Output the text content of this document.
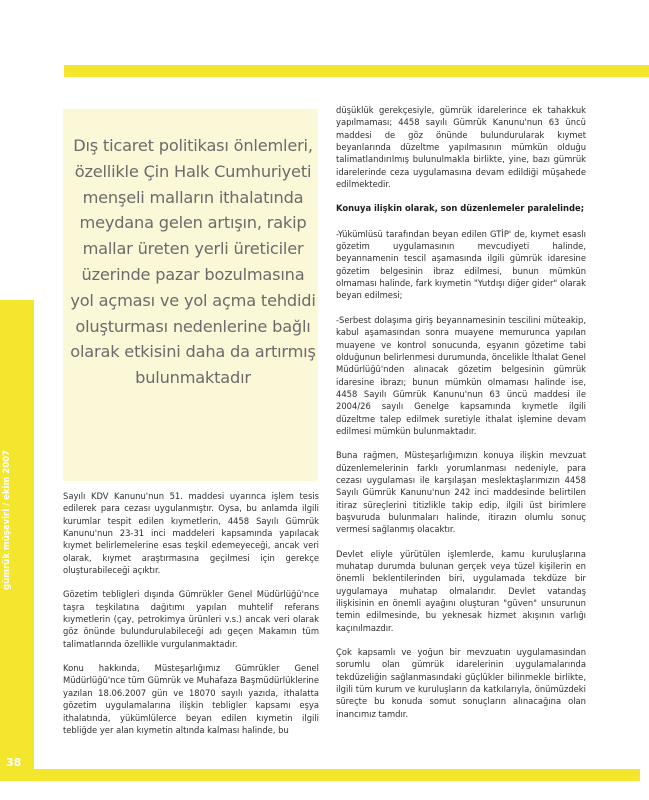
gümrük müşaviri / ekim 2007
38
Dış ticaret politikası önlemleri, özellikle Çin Halk Cumhuriyeti menşeli malların ithalatında meydana gelen artışın, rakip mallar üreten yerli üreticiler üzerinde pazar bozulmasına yol açması ve yol açma tehdidi oluşturması nedenlerine bağlı olarak etkisini daha da artırmış bulunmaktadır

Sayılı KDV Kanunu'nun 51. maddesi uyarınca işlem tesis edilerek para cezası uygulanmıştır. Oysa, bu anlamda ilgili kurumlar tespit edilen kıymetlerin, 4458 Sayılı Gümrük Kanunu'nun 23-31 inci maddeleri kapsamında yapılacak kıymet belirlemelerine esas teşkil edemeyeceği, ancak veri olarak, kıymet araştırmasına geçilmesi için gerekçe oluşturabileceği açıktır.

Gözetim tebligleri dışında Gümrükler Genel Müdürlüğü'nce taşra teşkilatına dağıtımı yapılan muhtelif referans kıymetlerin (çay, petrokimya ürünleri v.s.) ancak veri olarak göz önünde bulundurulabileceği adı geçen Makamın tüm talimatlarında özellikle vurgulanmaktadır.

Konu hakkında, Müsteşarlığımız Gümrükler Genel Müdürlüğü'nce tüm Gümrük ve Muhafaza Başmüdürlüklerine yazılan 18.06.2007 gün ve 18070 sayılı yazıda, ithalatta gözetim uygulamalarına ilişkin tebligler kapsamı eşya ithalatında, yükümlülerce beyan edilen kıymetin ilgili tebliğde yer alan kıymetin altında kalması halinde, bu

düşüklük gerekçesiyle, gümrük idarelerince ek tahakkuk yapılmaması; 4458 sayılı Gümrük Kanunu'nun 63 üncü maddesi de göz önünde bulundurularak kıymet beyanlarında düzeltme yapılmasının mümkün olduğu talimatlandırılmış bulunulmakla birlikte, yine, bazı gümrük idarelerinde ceza uygulamasına devam edildiği müşahede edilmektedir.

Konuya ilişkin olarak, son düzenlemeler paralelinde;

-Yükümlüsü tarafından beyan edilen GTİP' de, kıymet esaslı gözetim uygulamasının mevcudiyeti halinde, beyannamenin tescil aşamasında ilgili gümrük idaresine gözetim belgesinin ibraz edilmesi, bunun mümkün olmaması halinde, fark kıymetin "Yutdışı diğer gider" olarak beyan edilmesi;

-Serbest dolaşıma giriş beyannamesinin tescilini müteakip, kabul aşamasından sonra muayene memurunca yapılan muayene ve kontrol sonucunda, eşyanın gözetime tabi olduğunun belirlenmesi durumunda, öncelikle İthalat Genel Müdürlüğü'nden alınacak gözetim belgesinin gümrük idaresine ibrazı; bunun mümkün olmaması halinde ise, 4458 Sayılı Gümrük Kanunu'nun 63 üncü maddesi ile 2004/26 sayılı Genelge kapsamında kıymetle ilgili düzeltme talep edilmek suretiyle ithalat işlemine devam edilmesi mümkün bulunmaktadır.

Buna rağmen, Müsteşarlığımızın konuya ilişkin mevzuat düzenlemelerinin farklı yorumlanması nedeniyle, para cezası uygulaması ile karşılaşan meslektaşlarımızın 4458 Sayılı Gümrük Kanunu'nun 242 inci maddesinde belirtilen itiraz süreçlerini titizlikle takip edip, ilgili üst birimlere başvuruda bulunmaları halinde, itirazın olumlu sonuç vermesi sağlanmış olacaktır.

Devlet eliyle yürütülen işlemlerde, kamu kuruluşlarına muhatap durumda bulunan gerçek veya tüzel kişilerin en önemli beklentilerinden biri, uygulamada tekdüze bir uygulamaya muhatap olmalarıdır. Devlet vatandaş ilişkisinin en önemli ayağını oluşturan "güven" unsurunun temin edilmesinde, bu yeknesak hizmet akışının varlığı kaçınılmazdır.

Çok kapsamlı ve yoğun bir mevzuatın uygulamasından sorumlu olan gümrük idarelerinin uygulamalarında tekdüzeliğin sağlanmasındaki güçlükler bilinmekle birlikte, ilgili tüm kurum ve kuruluşların da katkılarıyla, önümüzdeki süreçte bu konuda somut sonuçların alınacağına olan inancımız tamdır.
